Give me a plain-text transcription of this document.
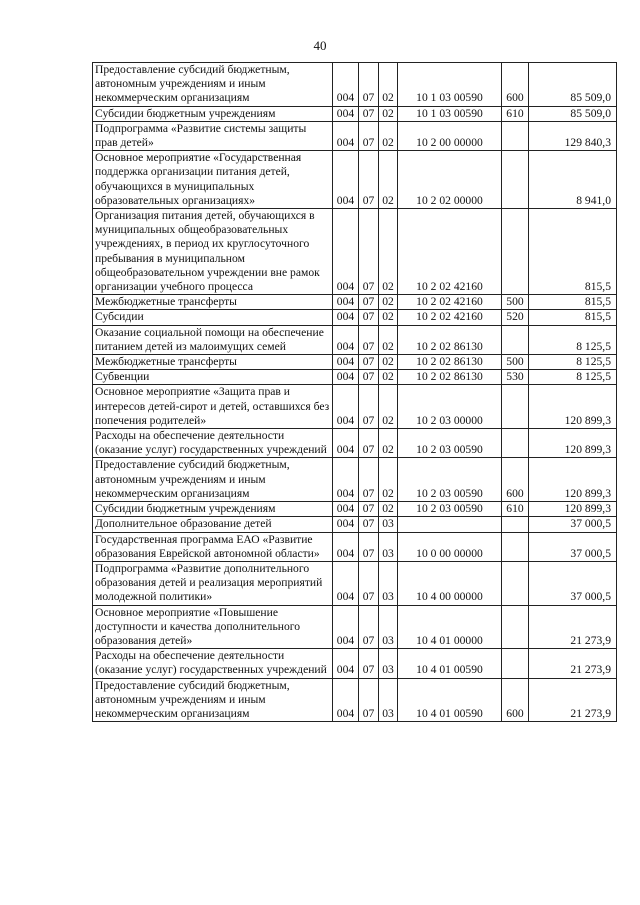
40
Предоставление субсидий бюджетным, автономным учреждениям и иным некоммерческим организациям	004	07	02	10 1 03 00590	600	85 509,0
Субсидии бюджетным учреждениям	004	07	02	10 1 03 00590	610	85 509,0
Подпрограмма «Развитие системы защиты прав детей»	004	07	02	10 2 00 00000		129 840,3
Основное мероприятие «Государственная поддержка организации питания детей, обучающихся в муниципальных образовательных организациях»	004	07	02	10 2 02 00000		8 941,0
Организация питания детей, обучающихся в муниципальных общеобразовательных учреждениях, в период их круглосуточного пребывания в муниципальном общеобразовательном учреждении вне рамок организации учебного процесса	004	07	02	10 2 02 42160		815,5
Межбюджетные трансферты	004	07	02	10 2 02 42160	500	815,5
Субсидии	004	07	02	10 2 02 42160	520	815,5
Оказание социальной помощи на обеспечение питанием детей из малоимущих семей	004	07	02	10 2 02 86130		8 125,5
Межбюджетные трансферты	004	07	02	10 2 02 86130	500	8 125,5
Субвенции	004	07	02	10 2 02 86130	530	8 125,5
Основное мероприятие «Защита прав и интересов детей-сирот и детей, оставшихся без попечения родителей»	004	07	02	10 2 03 00000		120 899,3
Расходы на обеспечение деятельности (оказание услуг) государственных учреждений	004	07	02	10 2 03 00590		120 899,3
Предоставление субсидий бюджетным, автономным учреждениям и иным некоммерческим организациям	004	07	02	10 2 03 00590	600	120 899,3
Субсидии бюджетным учреждениям	004	07	02	10 2 03 00590	610	120 899,3
Дополнительное образование детей	004	07	03			37 000,5
Государственная программа ЕАО «Развитие образования Еврейской автономной области»	004	07	03	10 0 00 00000		37 000,5
Подпрограмма «Развитие дополнительного образования детей и реализация мероприятий молодежной политики»	004	07	03	10 4 00 00000		37 000,5
Основное мероприятие «Повышение доступности и качества дополнительного образования детей»	004	07	03	10 4 01 00000		21 273,9
Расходы на обеспечение деятельности (оказание услуг) государственных учреждений	004	07	03	10 4 01 00590		21 273,9
Предоставление субсидий бюджетным, автономным учреждениям и иным некоммерческим организациям	004	07	03	10 4 01 00590	600	21 273,9
